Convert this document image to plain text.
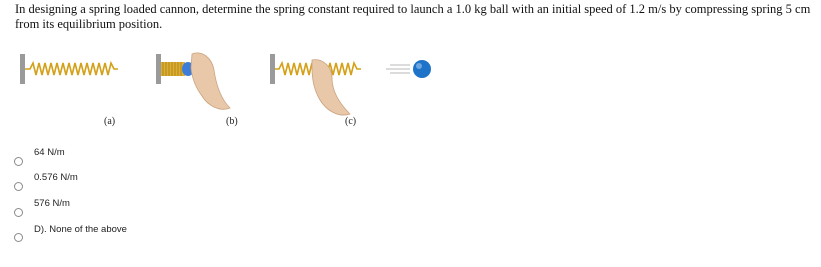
In designing a spring loaded cannon, determine the spring constant required to launch a 1.0 kg ball with an initial speed of 1.2 m/s by compressing spring 5 cm from its equilibrium position.
(a)	(b)	(c)
64 N/m
0.576 N/m
576 N/m
D). None of the above
